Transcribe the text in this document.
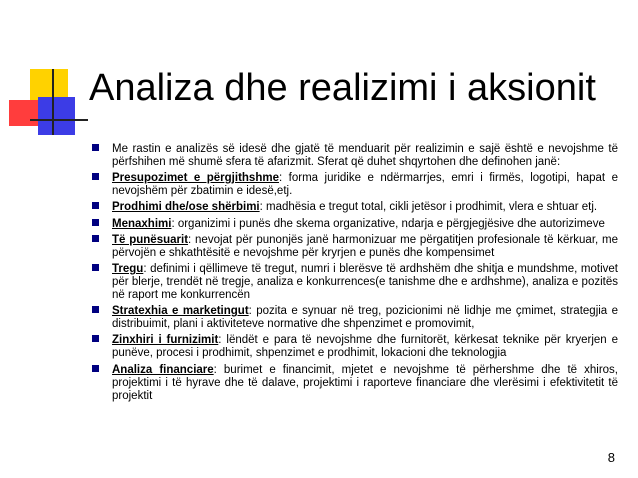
Analiza dhe realizimi i aksionit
Me rastin e analizës së idesë dhe gjatë të menduarit për realizimin e sajë është e nevojshme të përfshihen më shumë sfera të afarizmit. Sferat që duhet shqyrtohen dhe definohen janë:
Presupozimet e përgjithshme: forma juridike e ndërmarrjes, emri i firmës, logotipi, hapat e nevojshëm për zbatimin e idesë,etj.
Prodhimi dhe/ose shërbimi: madhësia e tregut total, cikli jetësor i prodhimit, vlera e shtuar etj.
Menaxhimi: organizimi i punës dhe skema organizative, ndarja e përgjegjësive dhe autorizimeve
Të punësuarit: nevojat për punonjës janë harmonizuar me përgatitjen profesionale të kërkuar, me përvojën e shkathtësitë e nevojshme për kryrjen e punës dhe kompensimet
Tregu: definimi i qëllimeve të tregut, numri i blerësve të ardhshëm dhe shitja e mundshme, motivet për blerje, trendët në tregje, analiza e konkurrences(e tanishme dhe e ardhshme), analiza e pozitës në raport me konkurrencën
Stratexhia e marketingut: pozita e synuar në treg, pozicionimi në lidhje me çmimet, strategjia e distribuimit, plani i aktiviteteve normative dhe shpenzimet e promovimit,
Zinxhiri i furnizimit: lëndët e para të nevojshme dhe furnitorët, kërkesat teknike për kryerjen e punëve, procesi i prodhimit, shpenzimet e prodhimit, lokacioni dhe teknologjia
Analiza financiare: burimet e financimit, mjetet e nevojshme të përhershme dhe të xhiros, projektimi i të hyrave dhe të dalave, projektimi i raporteve financiare dhe vlerësimi i efektivitetit të projektit
8
